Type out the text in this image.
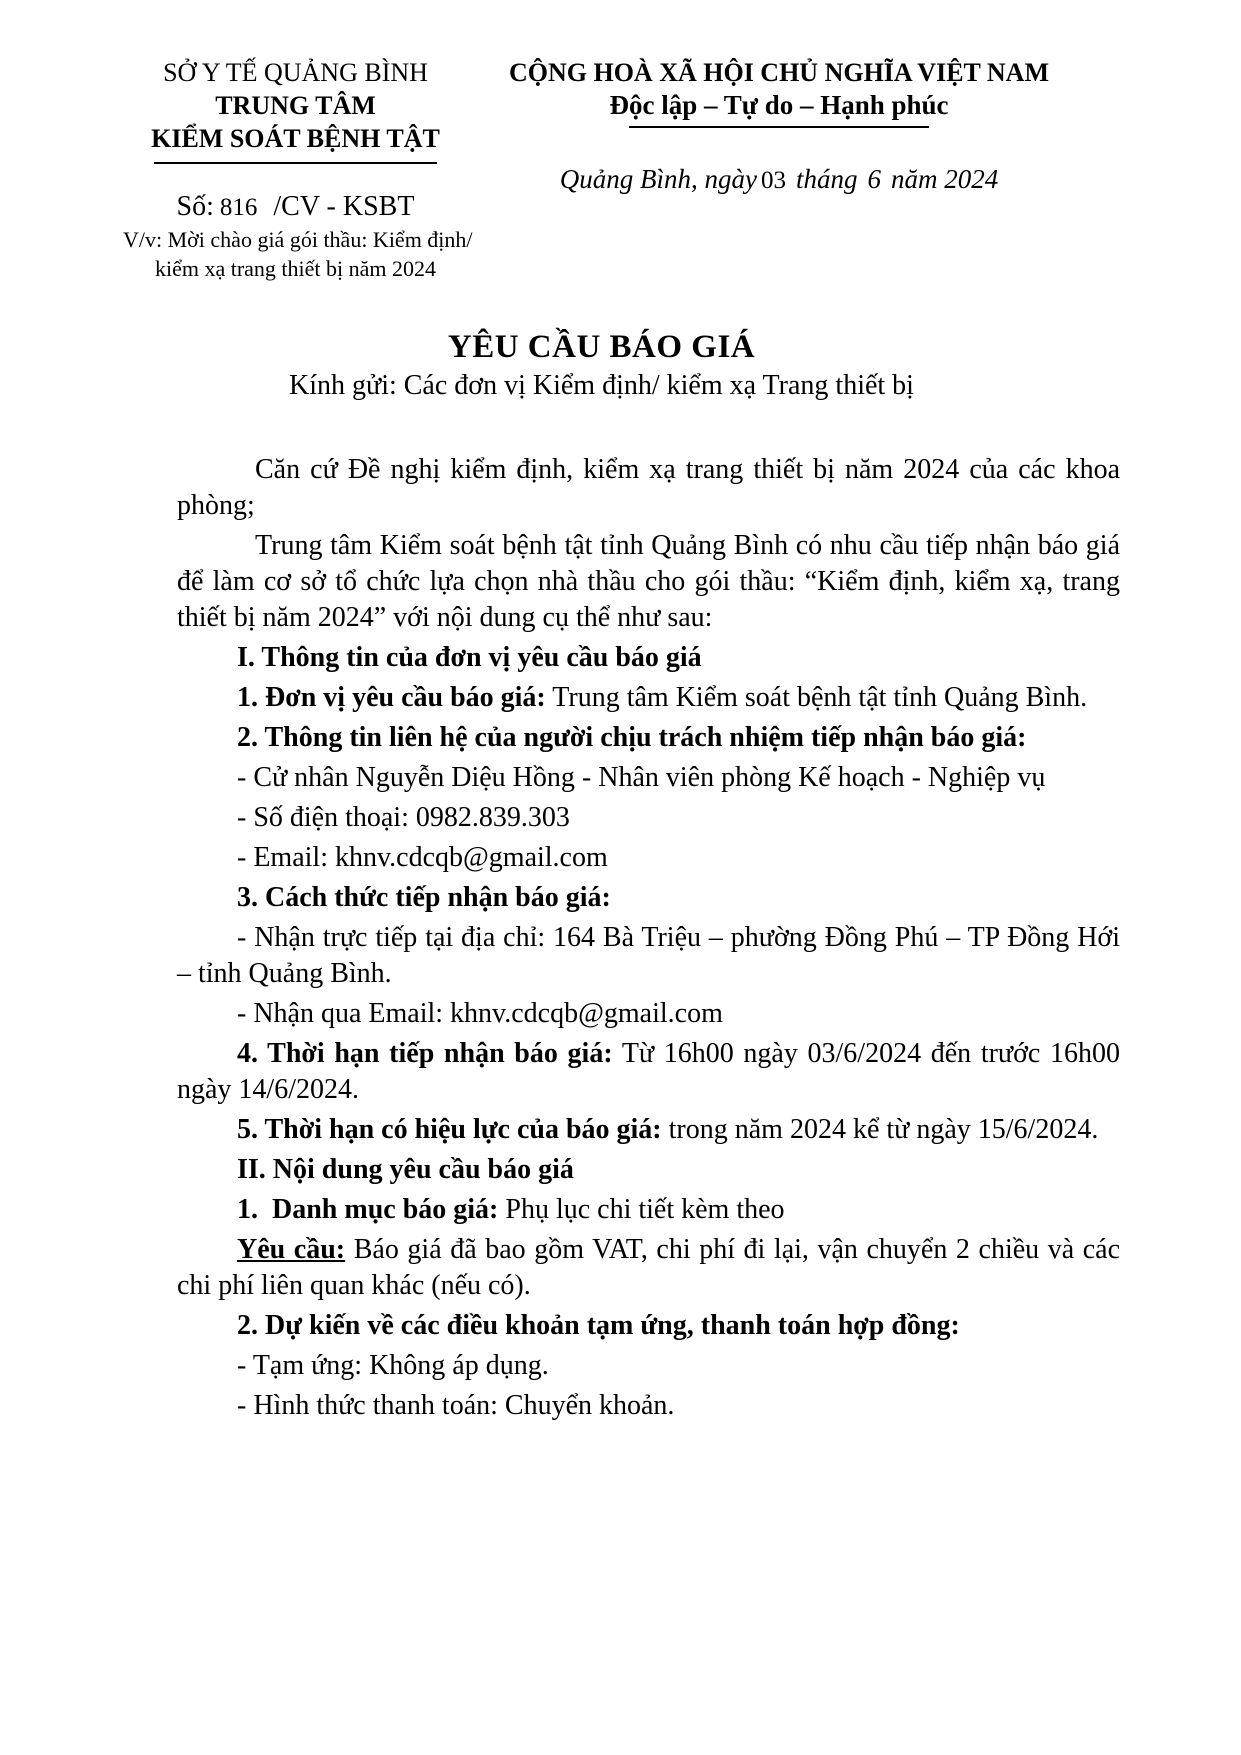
SỞ Y TẾ QUẢNG BÌNH
TRUNG TÂM
KIỂM SOÁT BỆNH TẬT
Số: 816 /CV - KSBT
V/v: Mời chào giá gói thầu: Kiểm định/
kiểm xạ trang thiết bị năm 2024
CỘNG HOÀ XÃ HỘI CHỦ NGHĨA VIỆT NAM
Độc lập – Tự do – Hạnh phúc
Quảng Bình, ngày 03 tháng 6 năm 2024
YÊU CẦU BÁO GIÁ
Kính gửi: Các đơn vị Kiểm định/ kiểm xạ Trang thiết bị

Căn cứ Đề nghị kiểm định, kiểm xạ trang thiết bị năm 2024 của các khoa phòng;

Trung tâm Kiểm soát bệnh tật tỉnh Quảng Bình có nhu cầu tiếp nhận báo giá để làm cơ sở tổ chức lựa chọn nhà thầu cho gói thầu: “Kiểm định, kiểm xạ, trang thiết bị năm 2024” với nội dung cụ thể như sau:

I. Thông tin của đơn vị yêu cầu báo giá

1. Đơn vị yêu cầu báo giá: Trung tâm Kiểm soát bệnh tật tỉnh Quảng Bình.

2. Thông tin liên hệ của người chịu trách nhiệm tiếp nhận báo giá:

- Cử nhân Nguyễn Diệu Hồng - Nhân viên phòng Kế hoạch - Nghiệp vụ

- Số điện thoại: 0982.839.303

- Email: khnv.cdcqb@gmail.com

3. Cách thức tiếp nhận báo giá:

- Nhận trực tiếp tại địa chỉ: 164 Bà Triệu – phường Đồng Phú – TP Đồng Hới – tỉnh Quảng Bình.

- Nhận qua Email: khnv.cdcqb@gmail.com

4. Thời hạn tiếp nhận báo giá: Từ 16h00 ngày 03/6/2024 đến trước 16h00 ngày 14/6/2024.

5. Thời hạn có hiệu lực của báo giá: trong năm 2024 kể từ ngày 15/6/2024.

II. Nội dung yêu cầu báo giá

1.  Danh mục báo giá: Phụ lục chi tiết kèm theo

Yêu cầu: Báo giá đã bao gồm VAT, chi phí đi lại, vận chuyển 2 chiều và các chi phí liên quan khác (nếu có).

2. Dự kiến về các điều khoản tạm ứng, thanh toán hợp đồng:

- Tạm ứng: Không áp dụng.

- Hình thức thanh toán: Chuyển khoản.
